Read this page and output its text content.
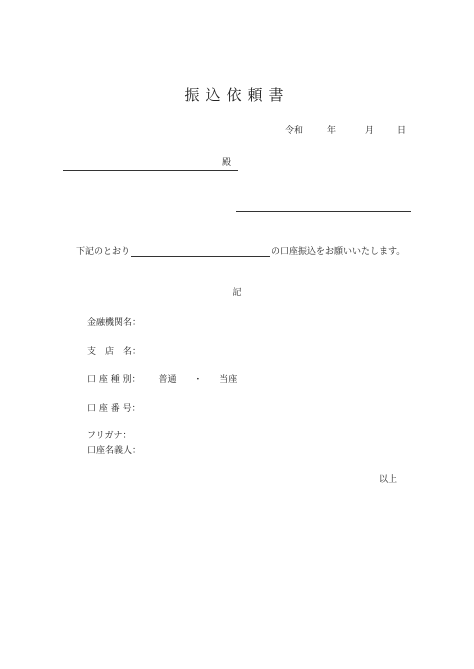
振込依頼書
令和	年	月	日
殿
下記のとおり	の口座振込をお願いいたします。
記
金融機関名：
支　店　名：
口 座 種 別： 普通 ・ 当座
口 座 番 号：
フリガナ：
口座名義人：
以上
